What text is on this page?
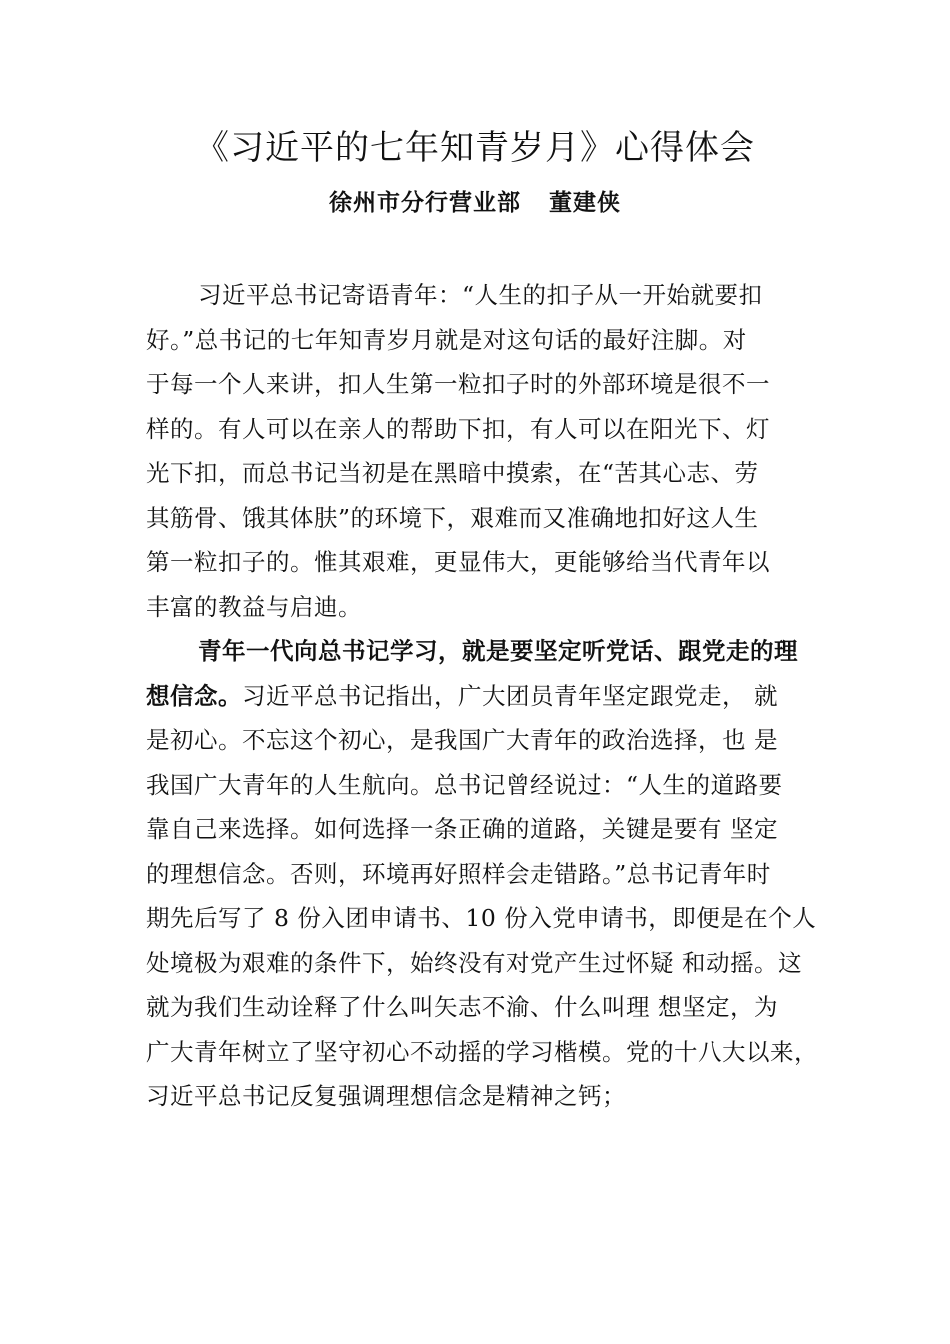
《习近平的七年知青岁月》心得体会
徐州市分行营业部 董建侠
习近平总书记寄语青年：“人生的扣子从一开始就要扣
好。”总书记的七年知青岁月就是对这句话的最好注脚。对
于每一个人来讲，扣人生第一粒扣子时的外部环境是很不一
样的。有人可以在亲人的帮助下扣，有人可以在阳光下、灯
光下扣，而总书记当初是在黑暗中摸索，在“苦其心志、劳
其筋骨、饿其体肤”的环境下，艰难而又准确地扣好这人生
第一粒扣子的。惟其艰难，更显伟大，更能够给当代青年以
丰富的教益与启迪。
青年一代向总书记学习，就是要坚定听党话、跟党走的理
想信念。习近平总书记指出，广大团员青年坚定跟党走， 就
是初心。不忘这个初心，是我国广大青年的政治选择，也 是
我国广大青年的人生航向。总书记曾经说过：“人生的道路要
靠自己来选择。如何选择一条正确的道路，关键是要有 坚定
的理想信念。否则，环境再好照样会走错路。”总书记青年时
期先后写了 8 份入团申请书、10 份入党申请书，即便是在个人
处境极为艰难的条件下，始终没有对党产生过怀疑 和动摇。这
就为我们生动诠释了什么叫矢志不渝、什么叫理 想坚定，为
广大青年树立了坚守初心不动摇的学习楷模。党的十八大以来，
习近平总书记反复强调理想信念是精神之钙；
